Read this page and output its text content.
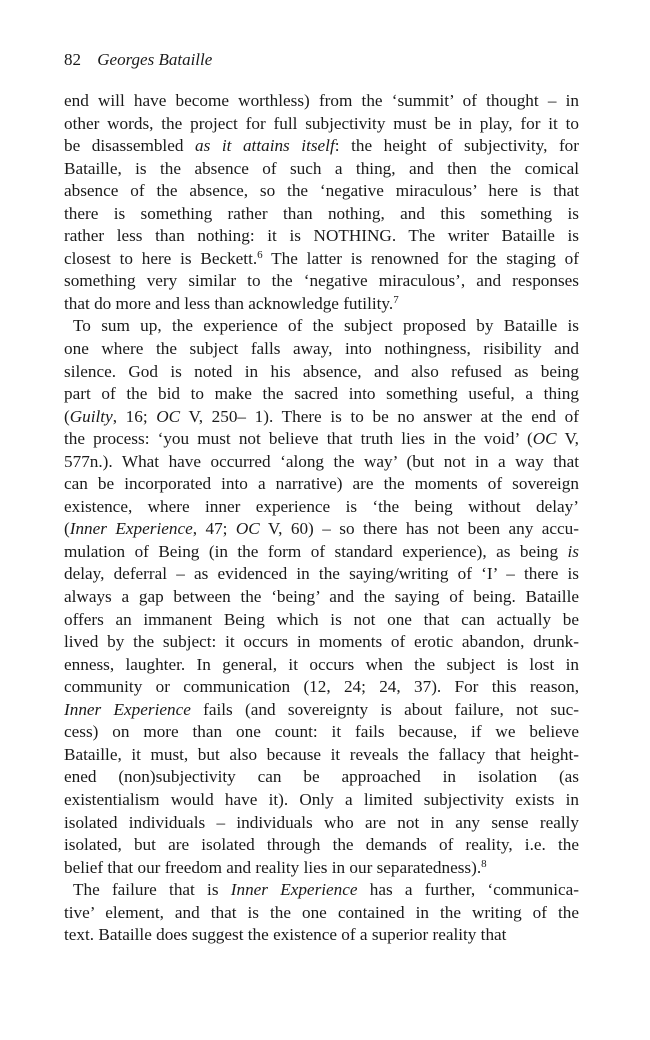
82 Georges Bataille
end will have become worthless) from the ‘summit’ of thought – in
other words, the project for full subjectivity must be in play, for it to
be disassembled as it attains itself: the height of subjectivity, for
Bataille, is the absence of such a thing, and then the comical
absence of the absence, so the ‘negative miraculous’ here is that
there is something rather than nothing, and this something is
rather less than nothing: it is NOTHING. The writer Bataille is
closest to here is Beckett.$^6$ The latter is renowned for the staging of
something very similar to the ‘negative miraculous’, and responses
that do more and less than acknowledge futility.$^7$
To sum up, the experience of the subject proposed by Bataille is
one where the subject falls away, into nothingness, risibility and
silence. God is noted in his absence, and also refused as being
part of the bid to make the sacred into something useful, a thing
(Guilty, 16; OC V, 250– 1). There is to be no answer at the end of
the process: ‘you must not believe that truth lies in the void’ (OC V,
577n.). What have occurred ‘along the way’ (but not in a way that
can be incorporated into a narrative) are the moments of sovereign
existence, where inner experience is ‘the being without delay’
(Inner Experience, 47; OC V, 60) – so there has not been any accu-
mulation of Being (in the form of standard experience), as being is
delay, deferral – as evidenced in the saying/writing of ‘I’ – there is
always a gap between the ‘being’ and the saying of being. Bataille
offers an immanent Being which is not one that can actually be
lived by the subject: it occurs in moments of erotic abandon, drunk-
enness, laughter. In general, it occurs when the subject is lost in
community or communication (12, 24; 24, 37). For this reason,
Inner Experience fails (and sovereignty is about failure, not suc-
cess) on more than one count: it fails because, if we believe
Bataille, it must, but also because it reveals the fallacy that height-
ened (non)subjectivity can be approached in isolation (as
existentialism would have it). Only a limited subjectivity exists in
isolated individuals – individuals who are not in any sense really
isolated, but are isolated through the demands of reality, i.e. the
belief that our freedom and reality lies in our separatedness).$^8$
The failure that is Inner Experience has a further, ‘communica-
tive’ element, and that is the one contained in the writing of the
text. Bataille does suggest the existence of a superior reality that
